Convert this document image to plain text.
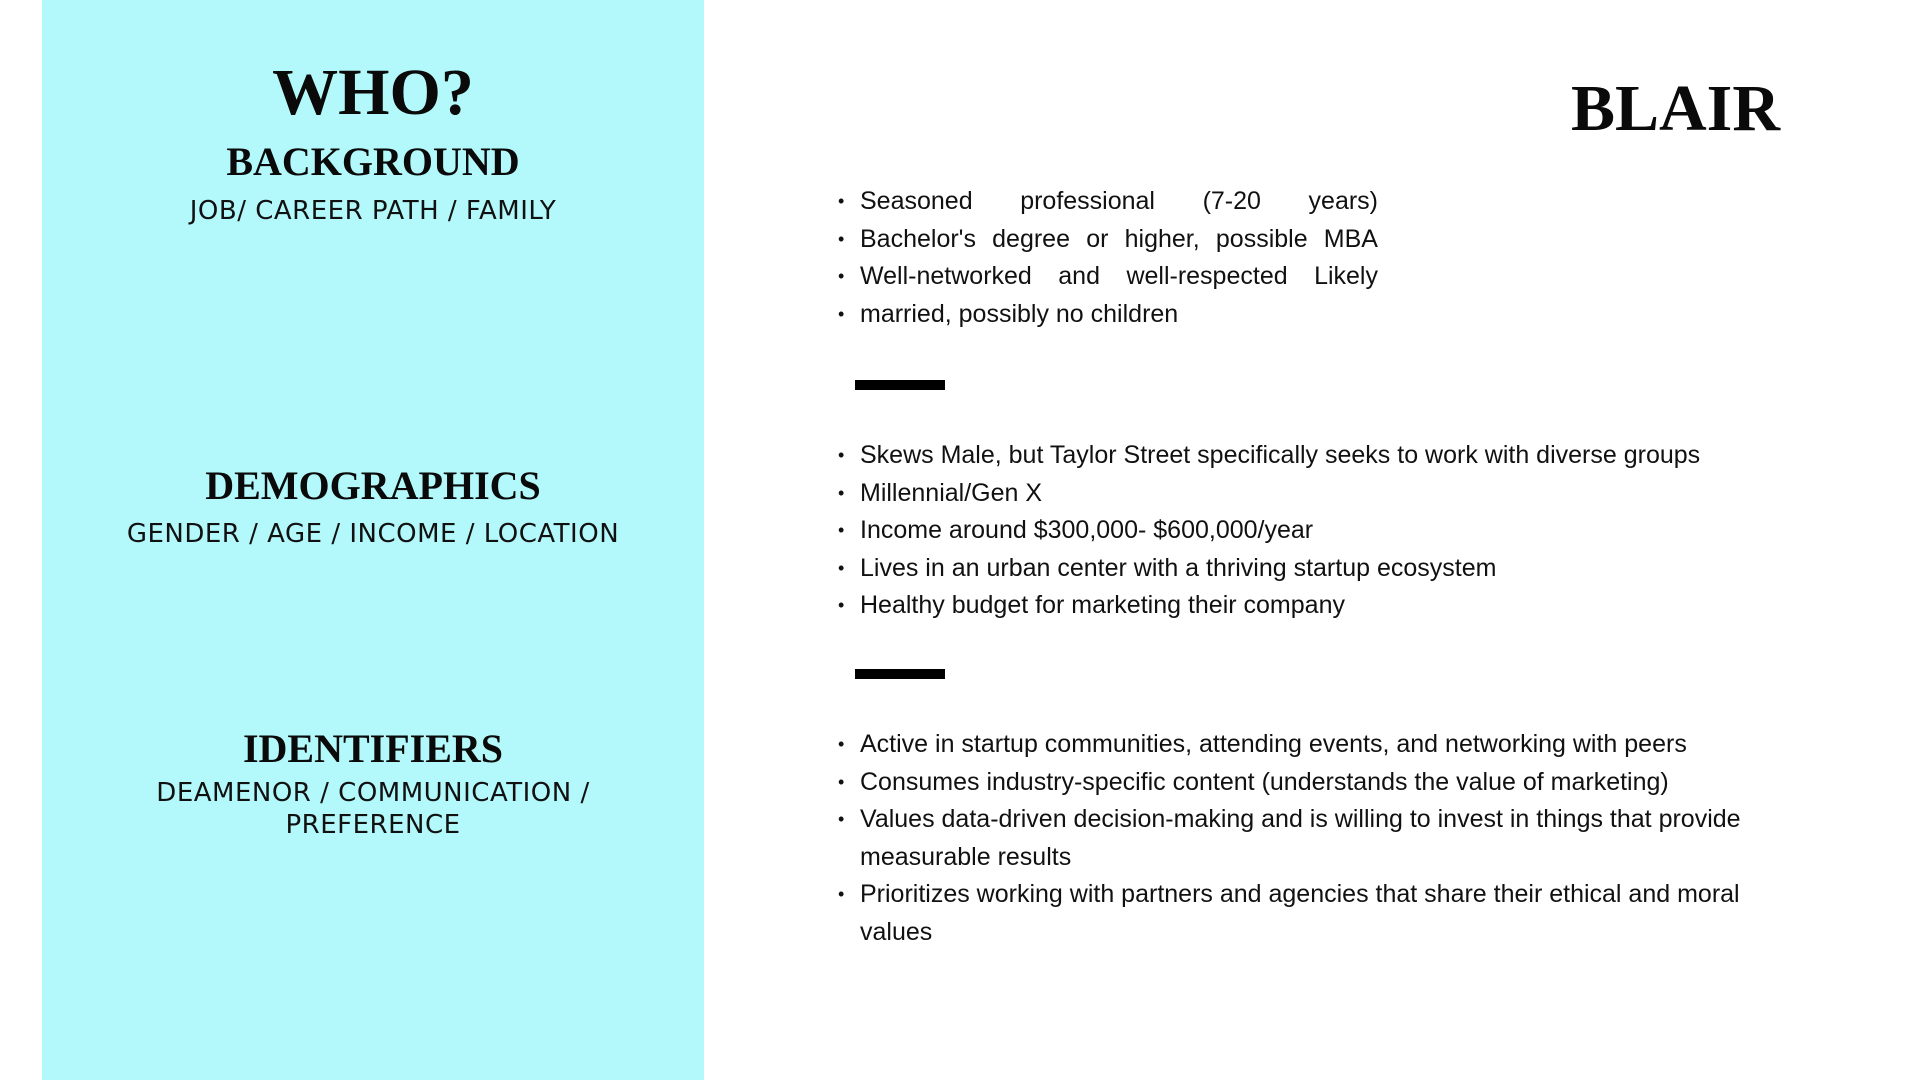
WHO?
BACKGROUND

JOB/ CAREER PATH / FAMILY

DEMOGRAPHICS

GENDER / AGE / INCOME / LOCATION

IDENTIFIERS

DEAMENOR / COMMUNICATION /
PREFERENCE

BLAIR
• Seasoned professional (7-20 years)
• Bachelor's degree or higher, possible MBA
• Well-networked and well-respected Likely
• married, possibly no children
• Skews Male, but Taylor Street specifically seeks to work with diverse groups
• Millennial/Gen X
• Income around $300,000- $600,000/year
• Lives in an urban center with a thriving startup ecosystem
• Healthy budget for marketing their company
• Active in startup communities, attending events, and networking with peers
• Consumes industry-specific content (understands the value of marketing)
• Values data-driven decision-making and is willing to invest in things that provide measurable results
• Prioritizes working with partners and agencies that share their ethical and moral values
